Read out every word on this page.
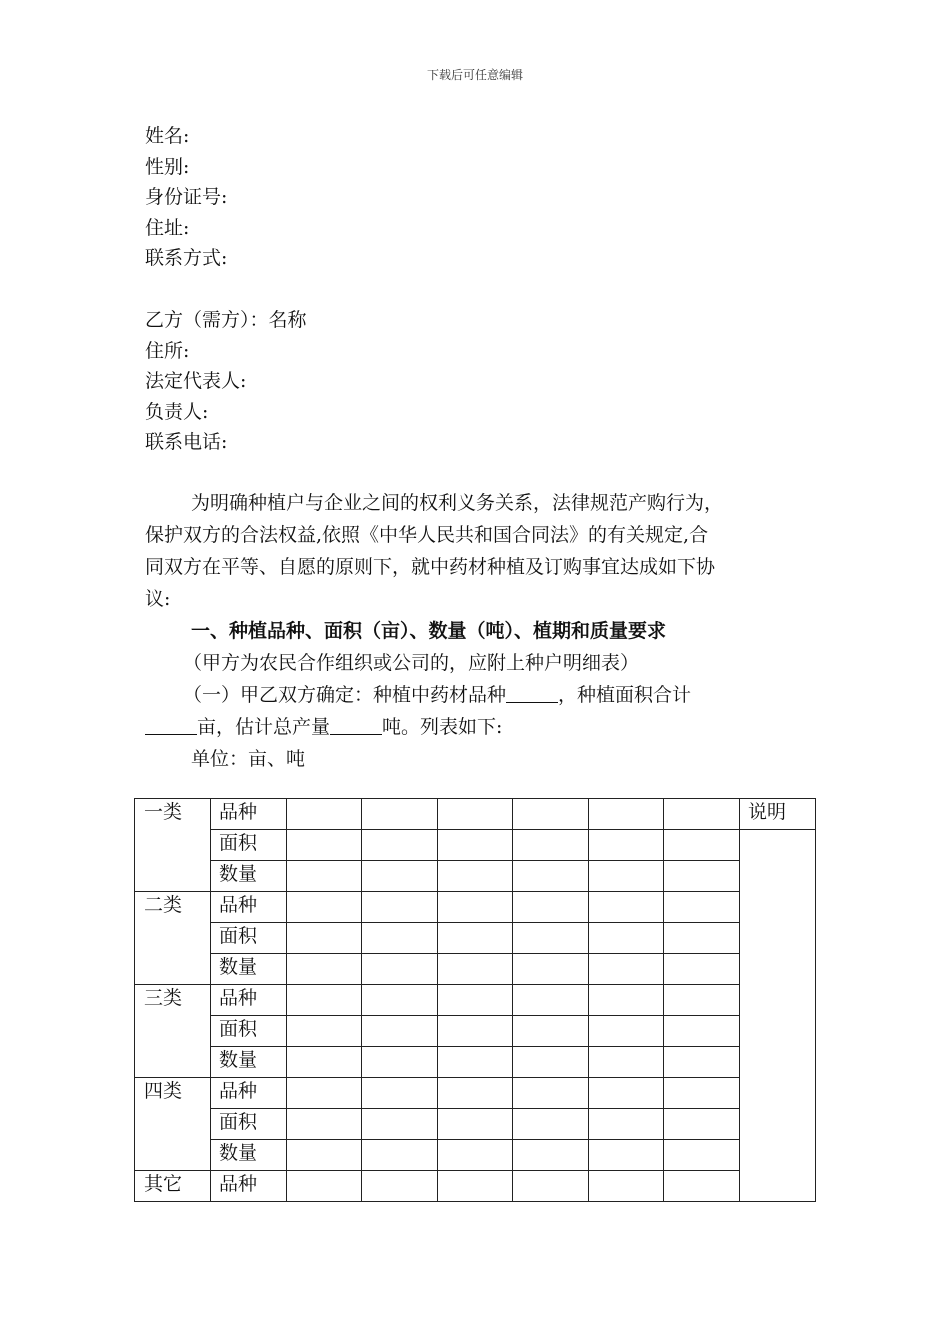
下载后可任意编辑
姓名:
性别:
身份证号:
住址:
联系方式:
乙方（需方）：名称
住所:
法定代表人:
负责人:
联系电话:

为明确种植户与企业之间的权利义务关系，法律规范产购行为，

保护双方的合法权益,依照《中华人民共和国合同法》的有关规定,合

同双方在平等、自愿的原则下，就中药材种植及订购事宜达成如下协

议:

一、种植品种、面积（亩）、数量（吨）、植期和质量要求

（甲方为农民合作组织或公司的，应附上种户明细表）

（一）甲乙双方确定：种植中药材品种	，种植面积合计

亩，估计总产量	吨。列表如下:

单位：亩、吨

一类	品种							说明
	面积							
	数量							
二类	品种							
	面积							
	数量							
三类	品种							
	面积							
	数量							
四类	品种							
	面积							
	数量							
其它	品种							
